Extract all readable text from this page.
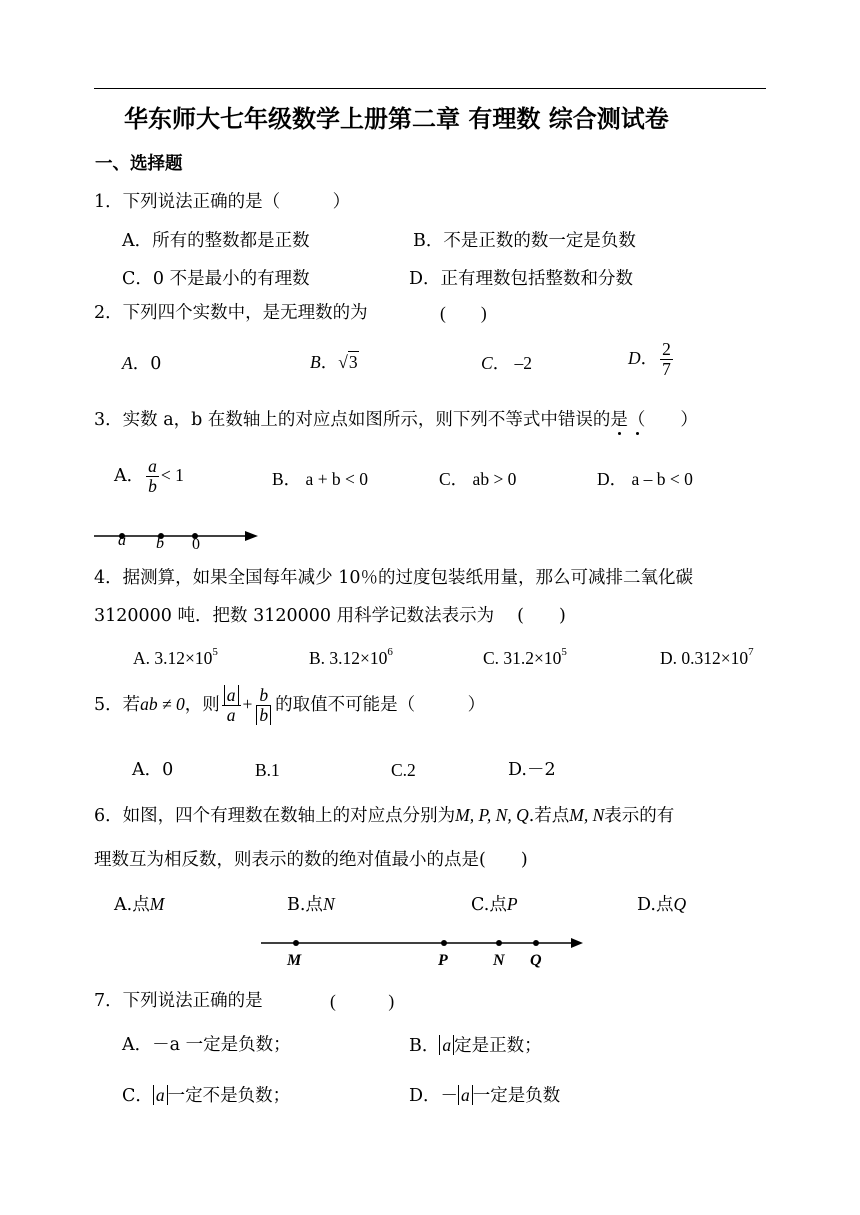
华东师大七年级数学上册第二章 有理数 综合测试卷
一、选择题
1．下列说法正确的是（　　　）
A．所有的整数都是正数	B．不是正数的数一定是负数
C．0 不是最小的有理数	D．正有理数包括整数和分数
2．下列四个实数中，是无理数的为	(　　)
A．0	B．√3	C． –2	D． $\frac{2}{7}$
3．实数 a，b 在数轴上的对应点如图所示，则下列不等式中错误的是（　　）
A． $\frac{a}{b} < 1$	B． a + b < 0	C． ab > 0	D． a – b < 0
a b 0
4．据测算，如果全国每年减少 10％的过度包装纸用量，那么可减排二氧化碳
3120000 吨．把数 3120000 用科学记数法表示为　 (　　)
A. $3.12\times 10^5$	B. $3.12\times 10^6$	C. $31.2\times 10^5$	D. $0.312\times 10^7$
5．若ab ≠ 0，则 $\frac{a}{a} + \frac{b}{b}$ 的取值不可能是（　　　）
A．0	B.1	C.2	D.－2
6．如图，四个有理数在数轴上的对应点分别为M, P, N, Q.若点M, N表示的有
理数互为相反数，则表示的数的绝对值最小的点是(　　)
A.点M	B.点N	C.点P	D.点Q
M	P	N Q
7．下列说法正确的是	(　　　)
A．－a 一定是负数；	B． a 定是正数；
C． a 一定不是负数；	D．－ a 一定是负数
